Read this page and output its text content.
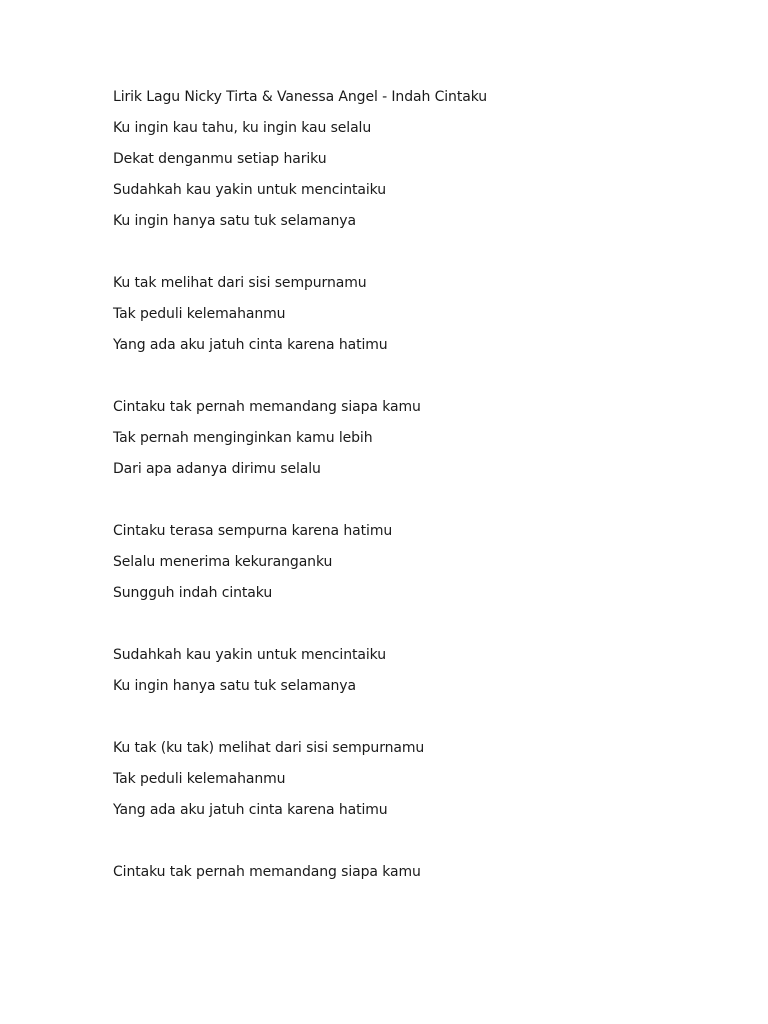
Lirik Lagu Nicky Tirta & Vanessa Angel - Indah Cintaku
Ku ingin kau tahu, ku ingin kau selalu
Dekat denganmu setiap hariku
Sudahkah kau yakin untuk mencintaiku
Ku ingin hanya satu tuk selamanya
Ku tak melihat dari sisi sempurnamu
Tak peduli kelemahanmu
Yang ada aku jatuh cinta karena hatimu
Cintaku tak pernah memandang siapa kamu
Tak pernah menginginkan kamu lebih
Dari apa adanya dirimu selalu
Cintaku terasa sempurna karena hatimu
Selalu menerima kekuranganku
Sungguh indah cintaku
Sudahkah kau yakin untuk mencintaiku
Ku ingin hanya satu tuk selamanya
Ku tak (ku tak) melihat dari sisi sempurnamu
Tak peduli kelemahanmu
Yang ada aku jatuh cinta karena hatimu
Cintaku tak pernah memandang siapa kamu
